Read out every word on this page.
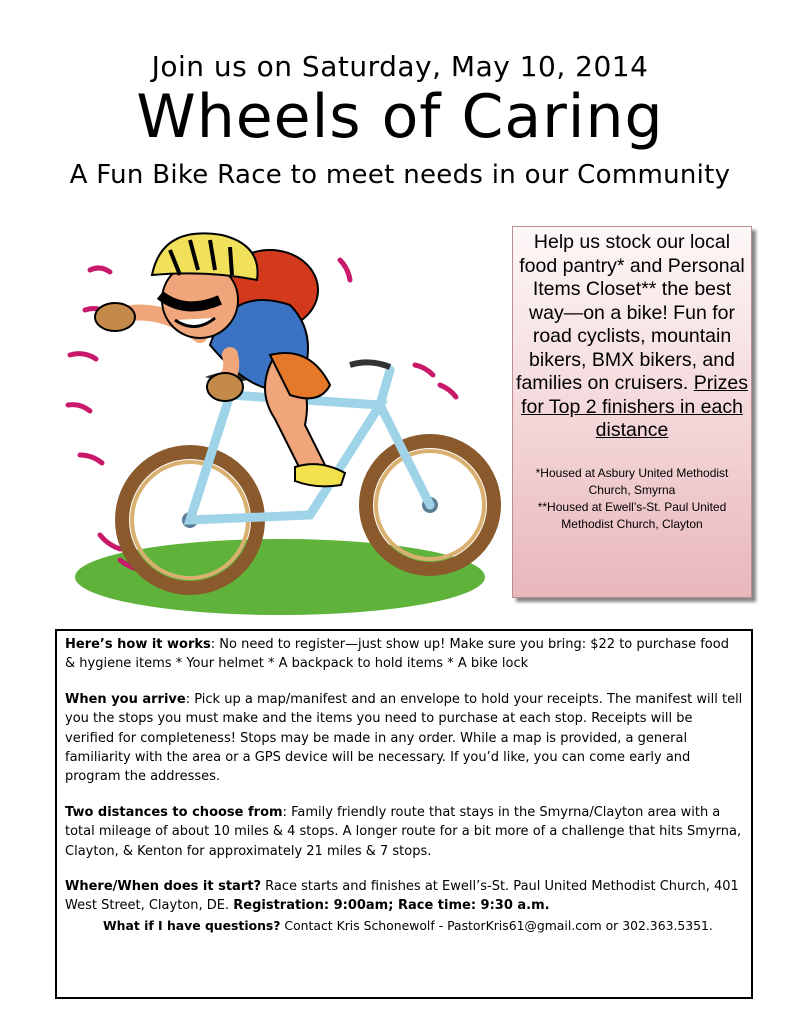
Join us on Saturday, May 10, 2014
Wheels of Caring
A Fun Bike Race to meet needs in our Community
Help us stock our local food pantry* and Personal Items Closet** the best way—on a bike! Fun for road cyclists, mountain bikers, BMX bikers, and families on cruisers. Prizes for Top 2 finishers in each distance
*Housed at Asbury United Methodist Church, Smyrna
**Housed at Ewell’s-St. Paul United Methodist Church, Clayton

Here’s how it works: No need to register—just show up! Make sure you bring: $22 to purchase food & hygiene items * Your helmet * A backpack to hold items * A bike lock

When you arrive: Pick up a map/manifest and an envelope to hold your receipts. The manifest will tell you the stops you must make and the items you need to purchase at each stop. Receipts will be verified for completeness! Stops may be made in any order. While a map is provided, a general familiarity with the area or a GPS device will be necessary. If you’d like, you can come early and program the addresses.

Two distances to choose from: Family friendly route that stays in the Smyrna/Clayton area with a total mileage of about 10 miles & 4 stops. A longer route for a bit more of a challenge that hits Smyrna, Clayton, & Kenton for approximately 21 miles & 7 stops.

Where/When does it start? Race starts and finishes at Ewell’s-St. Paul United Methodist Church, 401 West Street, Clayton, DE. Registration: 9:00am; Race time: 9:30 a.m.

What if I have questions? Contact Kris Schonewolf - PastorKris61@gmail.com or 302.363.5351.
